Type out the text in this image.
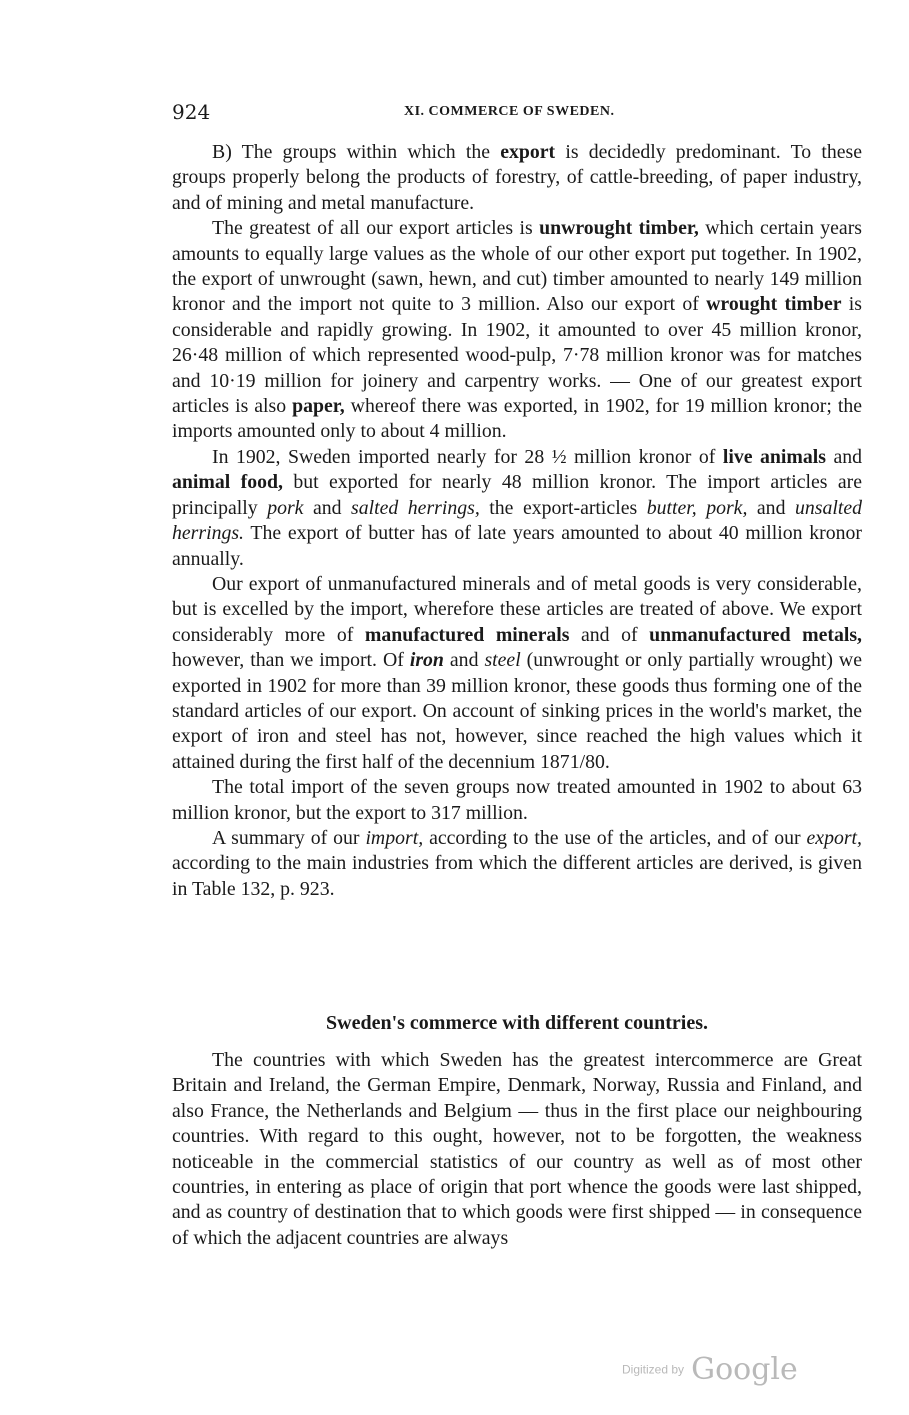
924	XI. COMMERCE OF SWEDEN.

B) The groups within which the export is decidedly predominant. To these groups properly belong the products of forestry, of cattle-breeding, of paper industry, and of mining and metal manufacture.

The greatest of all our export articles is unwrought timber, which certain years amounts to equally large values as the whole of our other export put together. In 1902, the export of unwrought (sawn, hewn, and cut) timber amounted to nearly 149 million kronor and the import not quite to 3 million. Also our export of wrought timber is considerable and rapidly growing. In 1902, it amounted to over 45 million kronor, 26·48 million of which represented wood-pulp, 7·78 million kronor was for matches and 10·19 million for joinery and carpentry works. — One of our greatest export articles is also paper, whereof there was exported, in 1902, for 19 million kronor; the imports amounted only to about 4 million.

In 1902, Sweden imported nearly for 28 ½ million kronor of live animals and animal food, but exported for nearly 48 million kronor. The import articles are principally pork and salted herrings, the export-articles butter, pork, and unsalted herrings. The export of butter has of late years amounted to about 40 million kronor annually.

Our export of unmanufactured minerals and of metal goods is very considerable, but is excelled by the import, wherefore these articles are treated of above. We export considerably more of manufactured minerals and of unmanufactured metals, however, than we import. Of iron and steel (unwrought or only partially wrought) we exported in 1902 for more than 39 million kronor, these goods thus forming one of the standard articles of our export. On account of sinking prices in the world's market, the export of iron and steel has not, however, since reached the high values which it attained during the first half of the decennium 1871/80.

The total import of the seven groups now treated amounted in 1902 to about 63 million kronor, but the export to 317 million.

A summary of our import, according to the use of the articles, and of our export, according to the main industries from which the different articles are derived, is given in Table 132, p. 923.

Sweden's commerce with different countries.

The countries with which Sweden has the greatest intercommerce are Great Britain and Ireland, the German Empire, Denmark, Norway, Russia and Finland, and also France, the Netherlands and Belgium — thus in the first place our neighbouring countries. With regard to this ought, however, not to be forgotten, the weakness noticeable in the commercial statistics of our country as well as of most other countries, in entering as place of origin that port whence the goods were last shipped, and as country of destination that to which goods were first shipped — in consequence of which the adjacent countries are always

Digitized by Google
